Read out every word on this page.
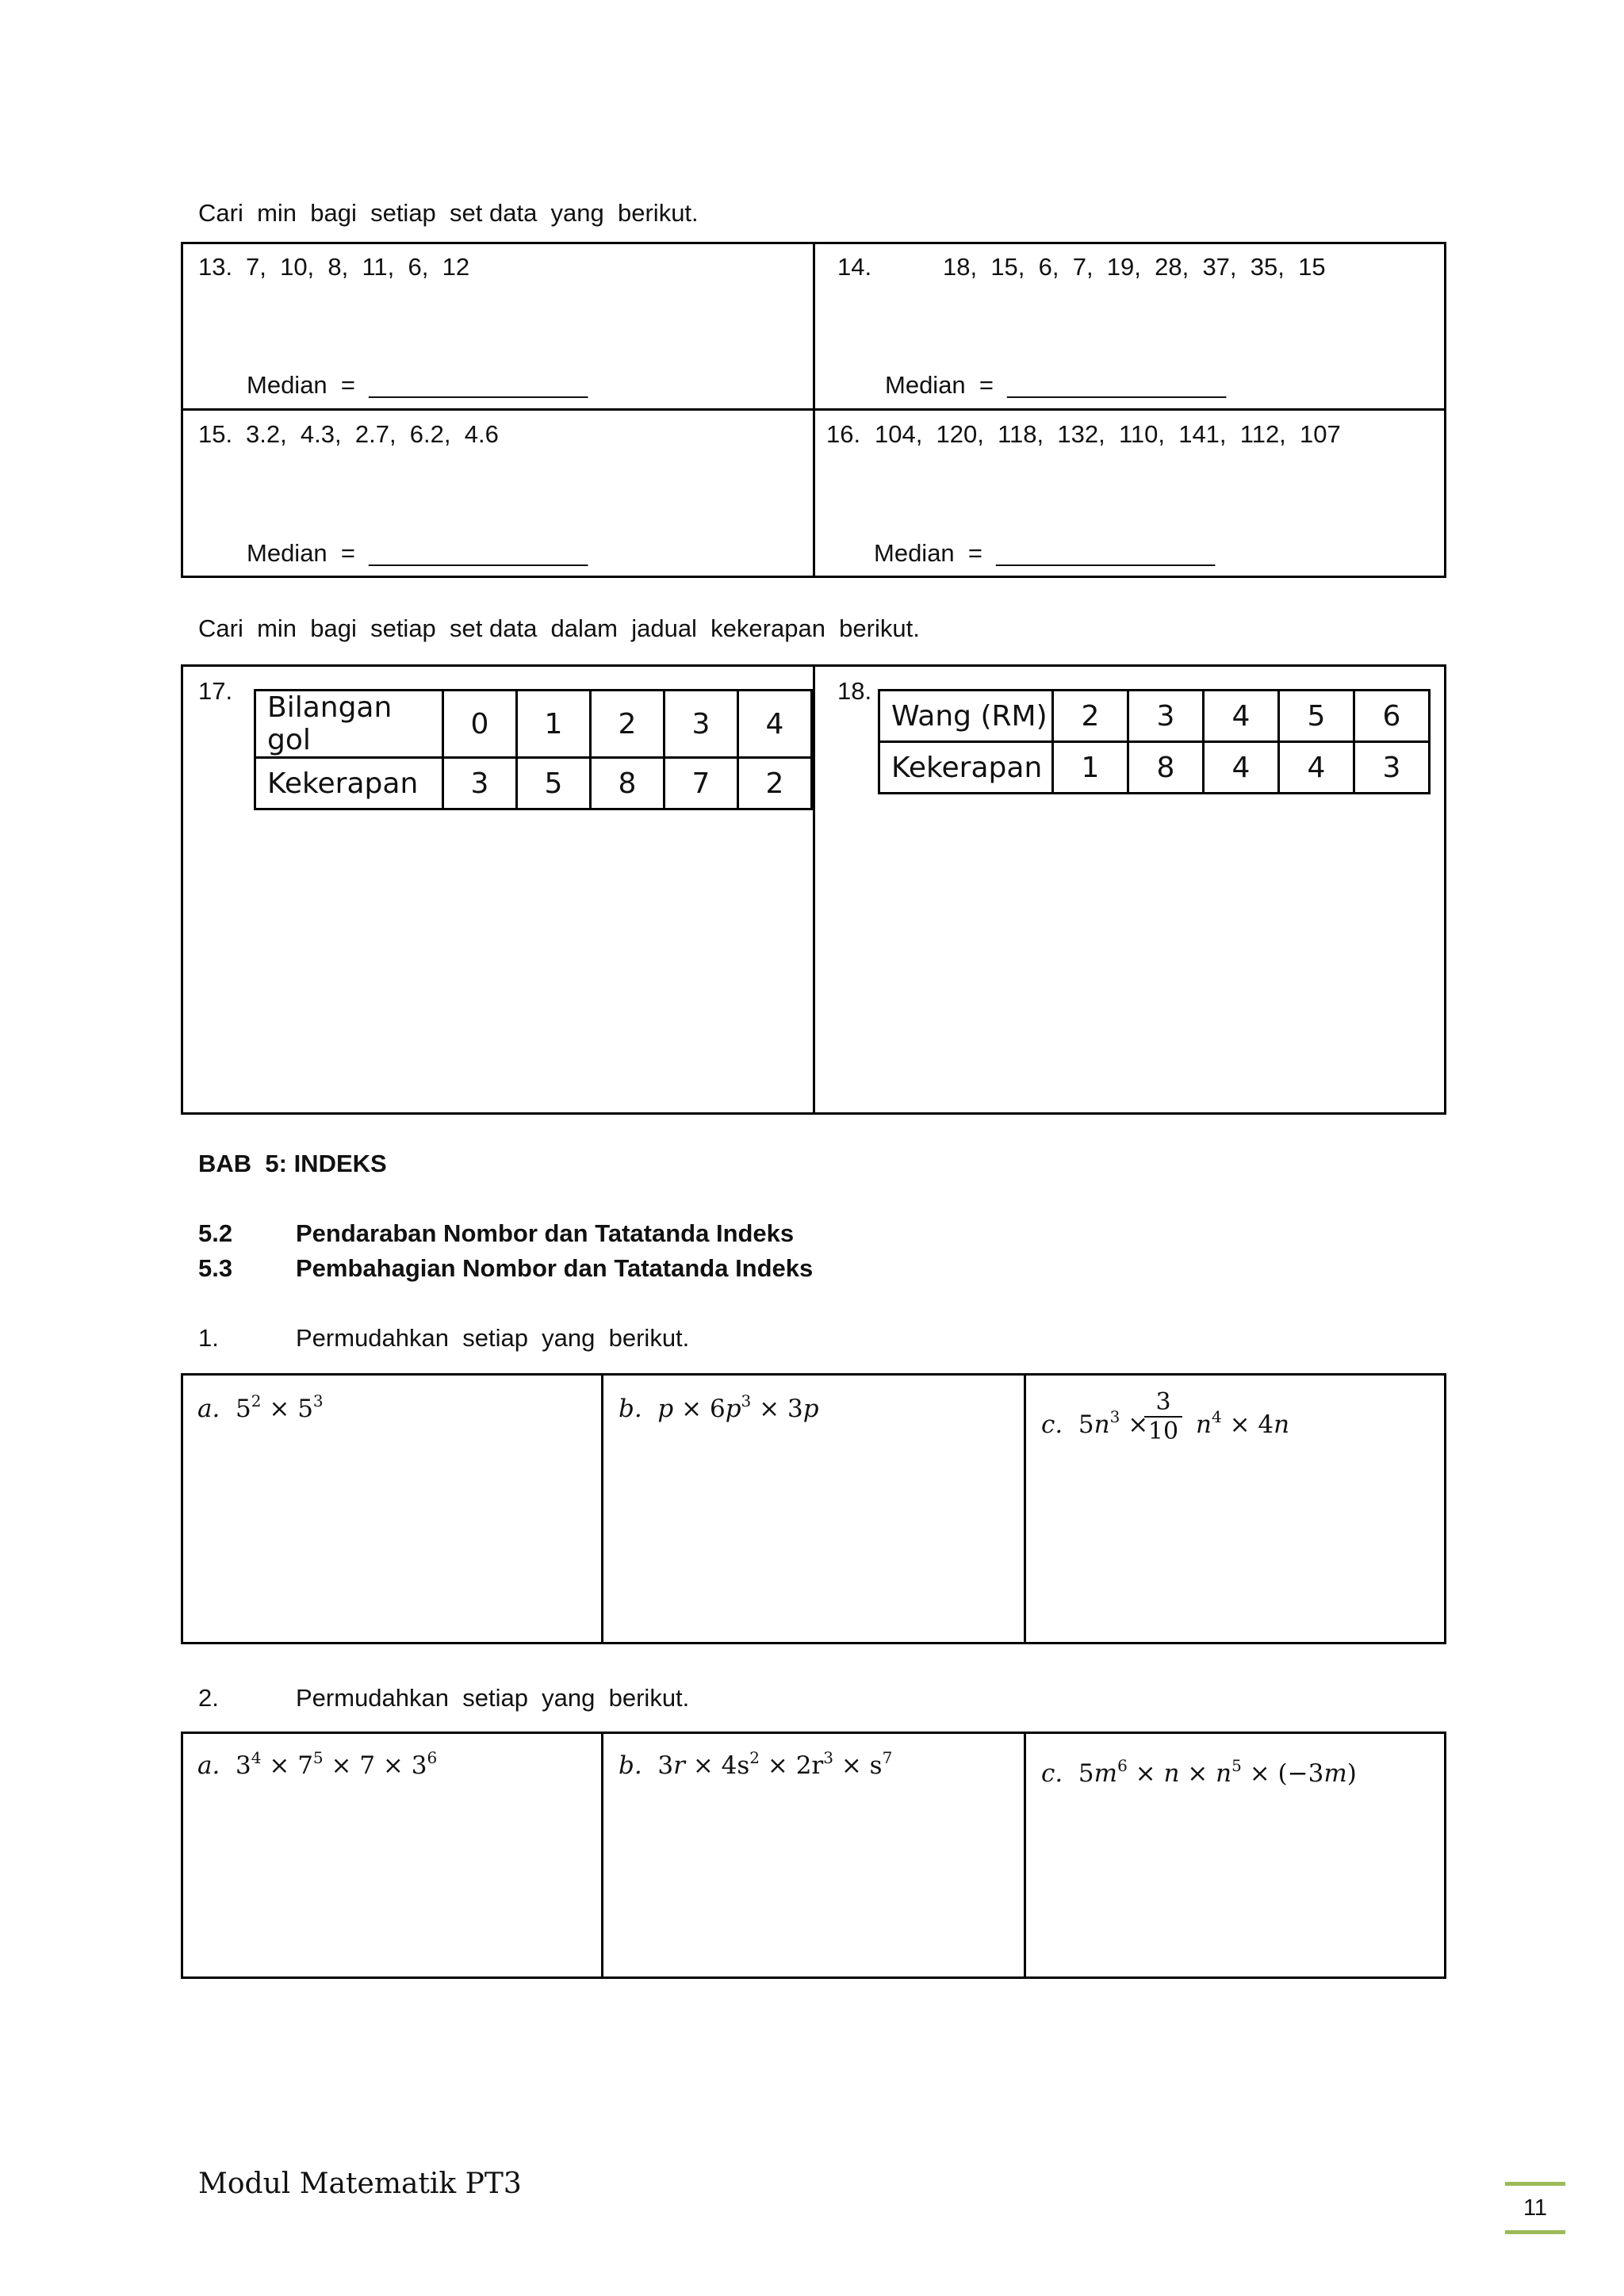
Cari  min  bagi  setiap  set data  yang  berikut.
13. 7,  10,  8,  11,  6,  12
Median  =  ________________
14.	18,  15,  6,  7,  19,  28,  37,  35,  15
Median  =  ________________
15. 3.2,  4.3,  2.7,  6.2,  4.6
Median  =  ________________
16. 104,  120,  118,  132,  110,  141,  112,  107
Median  =  ________________
Cari  min  bagi  setiap  set data  dalam  jadual  kekerapan  berikut.
17.
Bilangan gol	0	1	2	3	4
Kekerapan	3	5	8	7	2
18.
Wang (RM)	2	3	4	5	6
Kekerapan	1	8	4	4	3
BAB  5: INDEKS
5.2	Pendaraban Nombor dan Tatatanda Indeks
5.3	Pembahagian Nombor dan Tatatanda Indeks
1.	Permudahkan  setiap  yang  berikut.
a.  $5^2 \times 5^3$	b. $p \times 6p^3 \times 3p$
c.  $5n^3 \times n^4 \times 4n$
$\frac{3}{10}$
2.	Permudahkan  setiap  yang  berikut.
a.  $3^4 \times 7^5 \times 7 \times 3^6$	b.  $3r \times 4s^2 \times 2r^3 \times s^7$
c.  $5m^6 \times n \times n^5 \times (-3m)$
Modul Matematik PT3
11
